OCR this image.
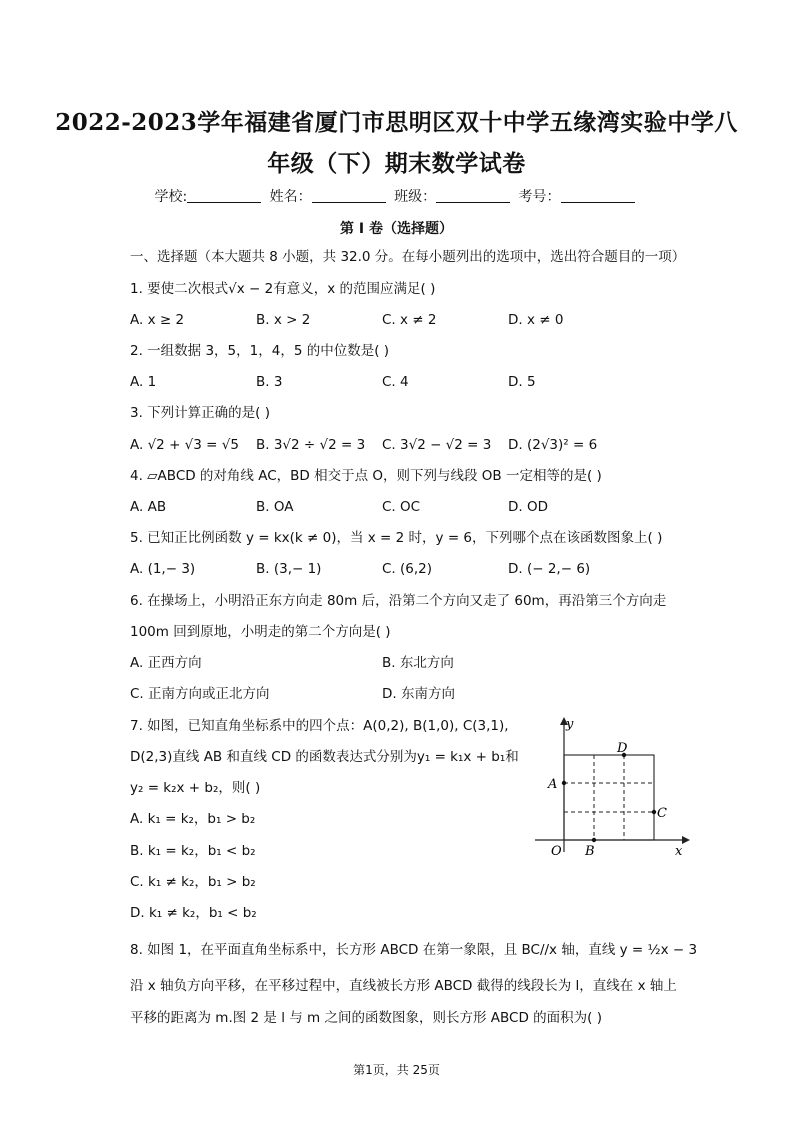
2022-2023学年福建省厦门市思明区双十中学五缘湾实验中学八
年级（下）期末数学试卷
学校:	姓名：	班级：	考号：
第 I 卷（选择题）
一、选择题（本大题共 8 小题，共 32.0 分。在每小题列出的选项中，选出符合题目的一项）
1. 要使二次根式√x − 2有意义，x 的范围应满足( )
A. x ≥ 2	B. x > 2	C. x ≠ 2	D. x ≠ 0
2. 一组数据 3，5，1，4，5 的中位数是( )
A. 1	B. 3	C. 4	D. 5
3. 下列计算正确的是( )
A. √2 + √3 = √5 B. 3√2 ÷ √2 = 3 C. 3√2 − √2 = 3 D. (2√3)² = 6
4. ▱ABCD 的对角线 AC，BD 相交于点 O，则下列与线段 OB 一定相等的是( )
A. AB	B. OA	C. OC	D. OD
5. 已知正比例函数 y = kx(k ≠ 0)，当 x = 2 时，y = 6，下列哪个点在该函数图象上( )
A. (1,− 3)	B. (3,− 1)	C. (6,2)	D. (− 2,− 6)
6. 在操场上，小明沿正东方向走 80m 后，沿第二个方向又走了 60m，再沿第三个方向走
100m 回到原地，小明走的第二个方向是( )
A. 正西方向	B. 东北方向
C. 正南方向或正北方向	D. 东南方向
7. 如图，已知直角坐标系中的四个点：A(0,2), B(1,0), C(3,1),
D(2,3)直线 AB 和直线 CD 的函数表达式分别为y₁ = k₁x + b₁和
y₂ = k₂x + b₂，则( )
A. k₁ = k₂，b₁ > b₂
B. k₁ = k₂，b₁ < b₂
C. k₁ ≠ k₂，b₁ > b₂
D. k₁ ≠ k₂，b₁ < b₂
y
x
O
A
B
C
D
8. 如图 1，在平面直角坐标系中，长方形 ABCD 在第一象限，且 BC//x 轴，直线 y = ½x − 3
沿 x 轴负方向平移，在平移过程中，直线被长方形 ABCD 截得的线段长为 l，直线在 x 轴上
平移的距离为 m.图 2 是 l 与 m 之间的函数图象，则长方形 ABCD 的面积为( )
第1页，共 25页
